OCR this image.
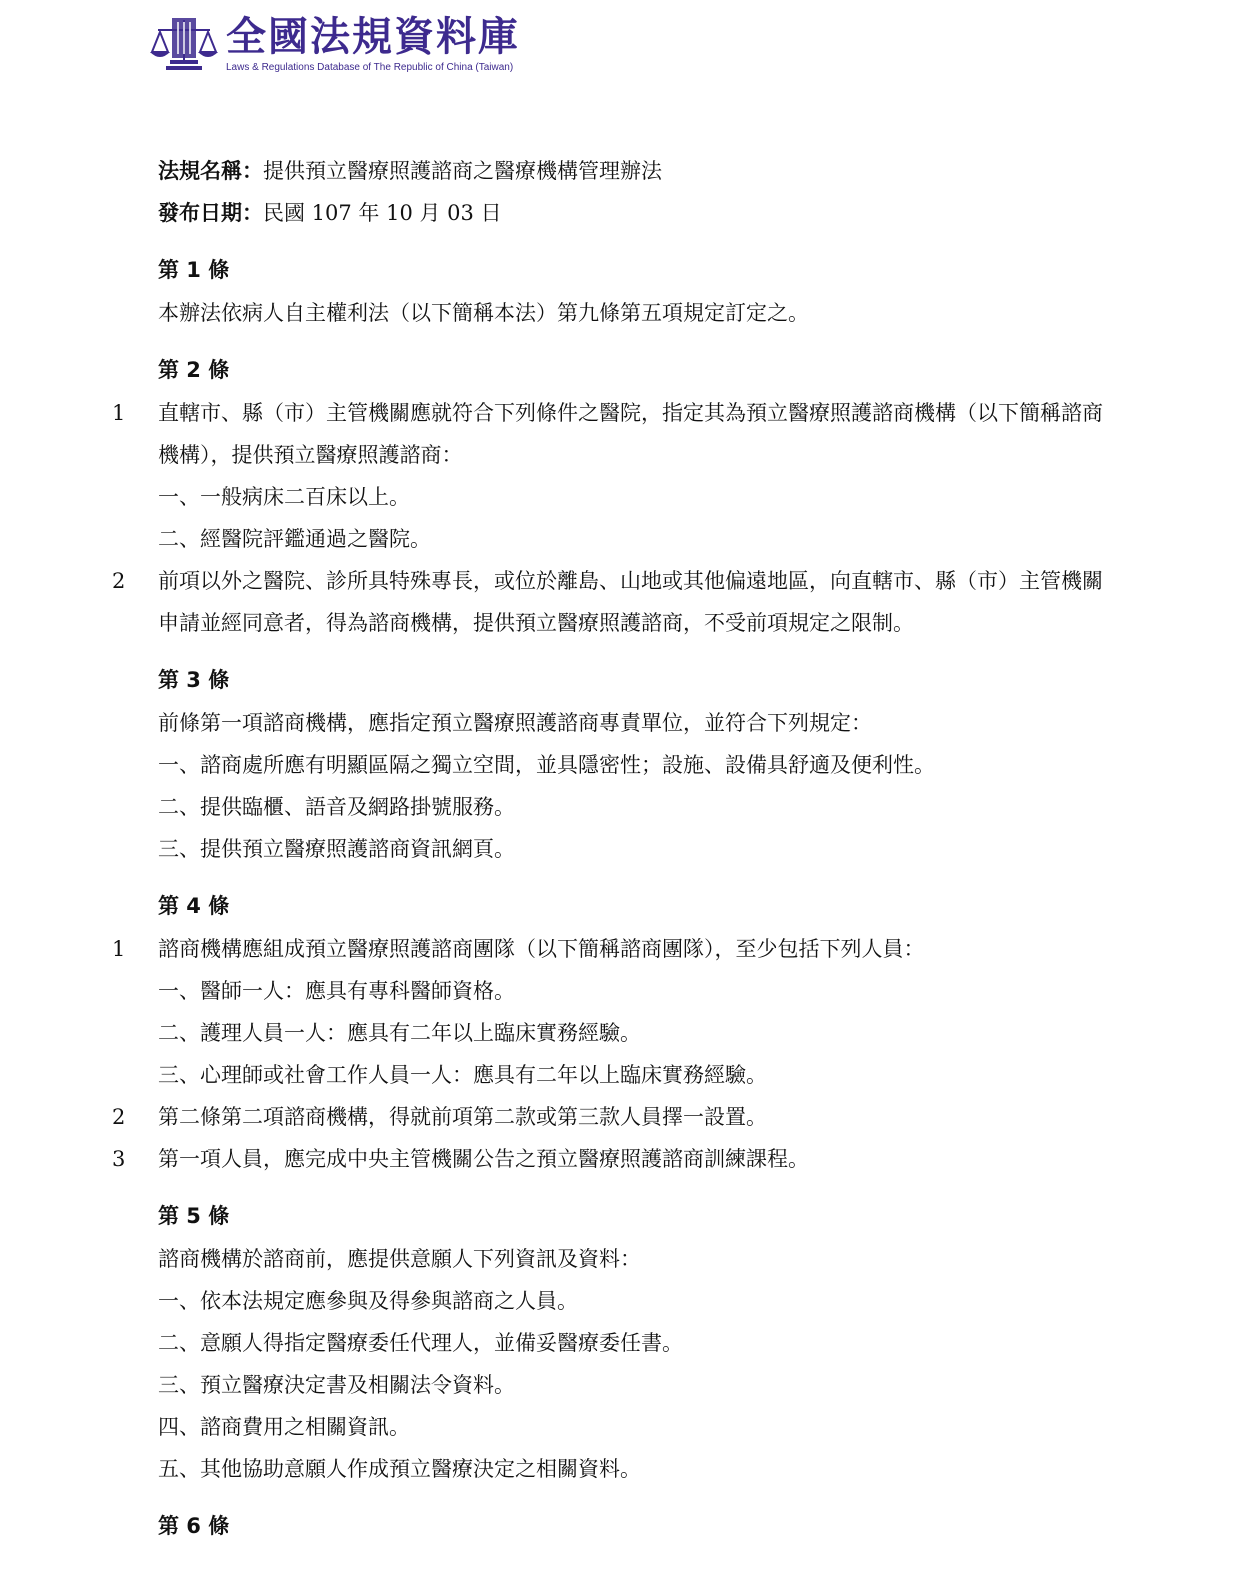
全國法規資料庫
Laws & Regulations Database of The Republic of China (Taiwan)
法規名稱：提供預立醫療照護諮商之醫療機構管理辦法
發布日期：民國 107 年 10 月 03 日
第 1 條
本辦法依病人自主權利法（以下簡稱本法）第九條第五項規定訂定之。
第 2 條
1 直轄市、縣（市）主管機關應就符合下列條件之醫院，指定其為預立醫療照護諮商機構（以下簡稱諮商機構），提供預立醫療照護諮商：
一、一般病床二百床以上。
二、經醫院評鑑通過之醫院。
2 前項以外之醫院、診所具特殊專長，或位於離島、山地或其他偏遠地區，向直轄市、縣（市）主管機關申請並經同意者，得為諮商機構，提供預立醫療照護諮商，不受前項規定之限制。
第 3 條
前條第一項諮商機構，應指定預立醫療照護諮商專責單位，並符合下列規定：
一、諮商處所應有明顯區隔之獨立空間，並具隱密性；設施、設備具舒適及便利性。
二、提供臨櫃、語音及網路掛號服務。
三、提供預立醫療照護諮商資訊網頁。
第 4 條
1 諮商機構應組成預立醫療照護諮商團隊（以下簡稱諮商團隊），至少包括下列人員：
一、醫師一人：應具有專科醫師資格。
二、護理人員一人：應具有二年以上臨床實務經驗。
三、心理師或社會工作人員一人：應具有二年以上臨床實務經驗。
2 第二條第二項諮商機構，得就前項第二款或第三款人員擇一設置。
3 第一項人員，應完成中央主管機關公告之預立醫療照護諮商訓練課程。
第 5 條
諮商機構於諮商前，應提供意願人下列資訊及資料：
一、依本法規定應參與及得參與諮商之人員。
二、意願人得指定醫療委任代理人，並備妥醫療委任書。
三、預立醫療決定書及相關法令資料。
四、諮商費用之相關資訊。
五、其他協助意願人作成預立醫療決定之相關資料。
第 6 條
